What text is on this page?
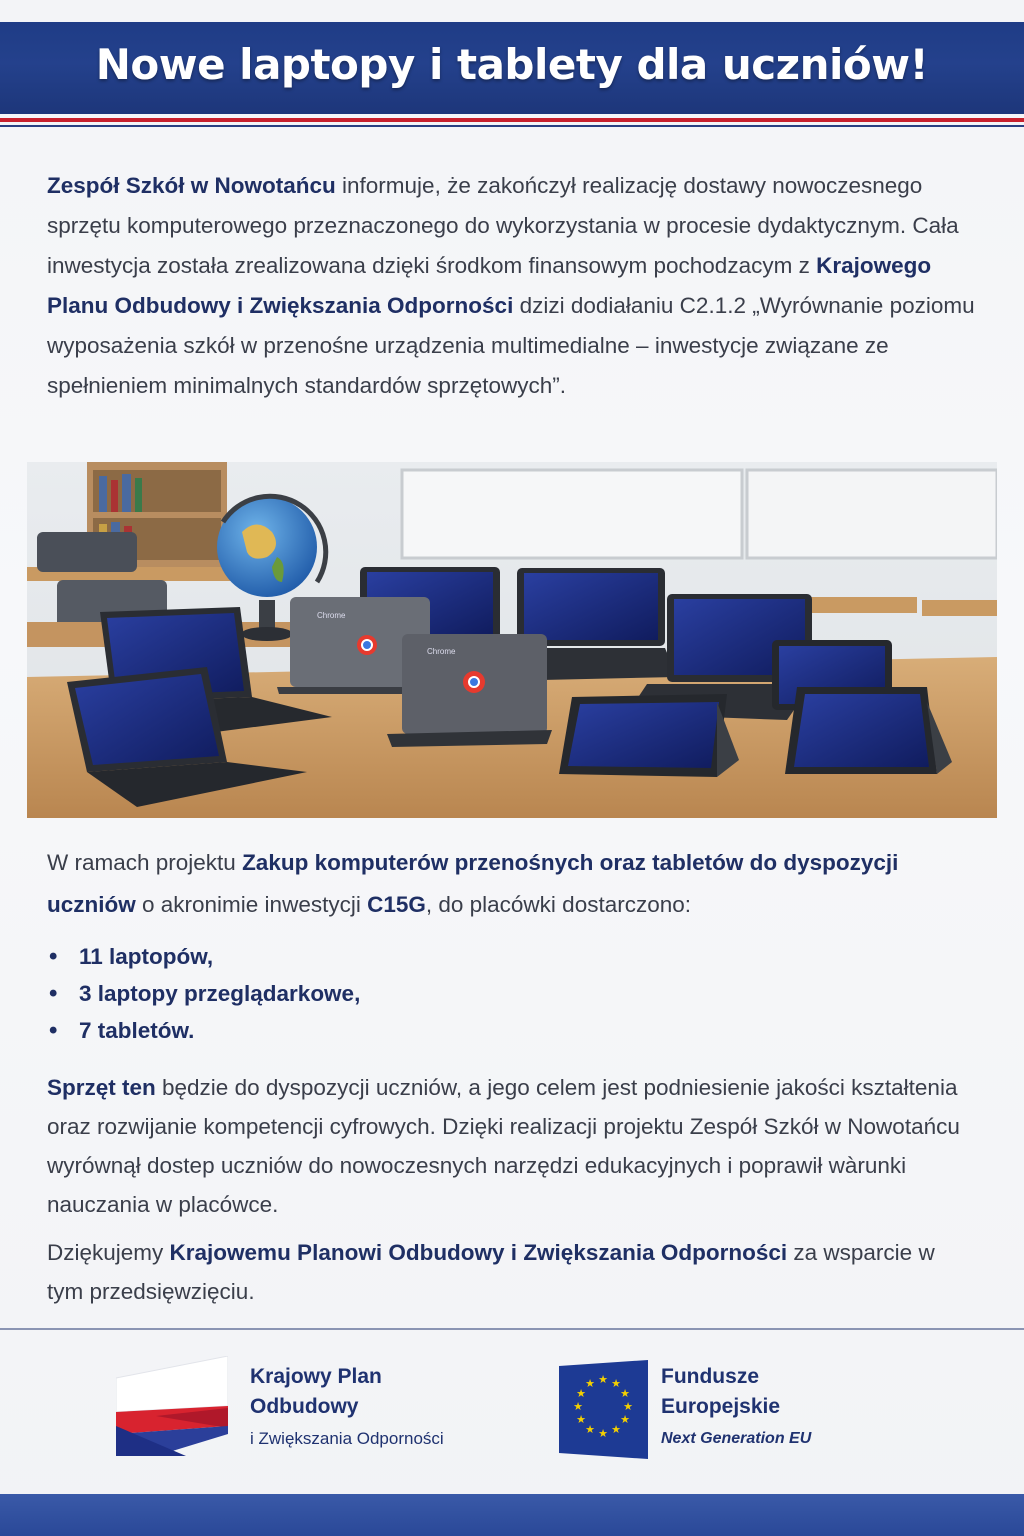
Nowe laptopy i tablety dla uczniów!
Zespół Szkół w Nowotańcu informuje, że zakończył realizację dostawy nowoczesnego sprzętu komputerowego przeznaczonego do wykorzystania w procesie dydaktycznym. Cała inwestycja została zrealizowana dzięki środkom finansowym pochodzacym z Krajowego Planu Odbudowy i Zwiększania Odporności dzizi dodiałaniu C2.1.2 „Wyrównanie poziomu wyposażenia szkół w przenośne urządzenia multimedialne – inwestycje związane ze spełnieniem minimalnych standardów sprzętowych”.
Chrome
Chrome
W ramach projektu Zakup komputerów przenośnych oraz tabletów do dyspozycji uczniów o akronimie inwestycji C15G, do placówki dostarczono:
• 11 laptopów,
• 3 laptopy przeglądarkowe,
• 7 tabletów.
Sprzęt ten będzie do dyspozycji uczniów, a jego celem jest podniesienie jakości kształtenia oraz rozwijanie kompetencji cyfrowych. Dzięki realizacji projektu Zespół Szkół w Nowotańcu wyrównął dostep uczniów do nowoczesnych narzędzi edukacyjnych i poprawił wàrunki nauczania w placówce.
Dziękujemy Krajowemu Planowi Odbudowy i Zwiększania Odporności za wsparcie w tym przedsięwzięciu.
Krajowy Plan
Odbudowy
i Zwiększania Odporności
★ ★
★
★
★
★
★
★
★
★
★
★	Fundusze
Europejskie
Next Generation EU
